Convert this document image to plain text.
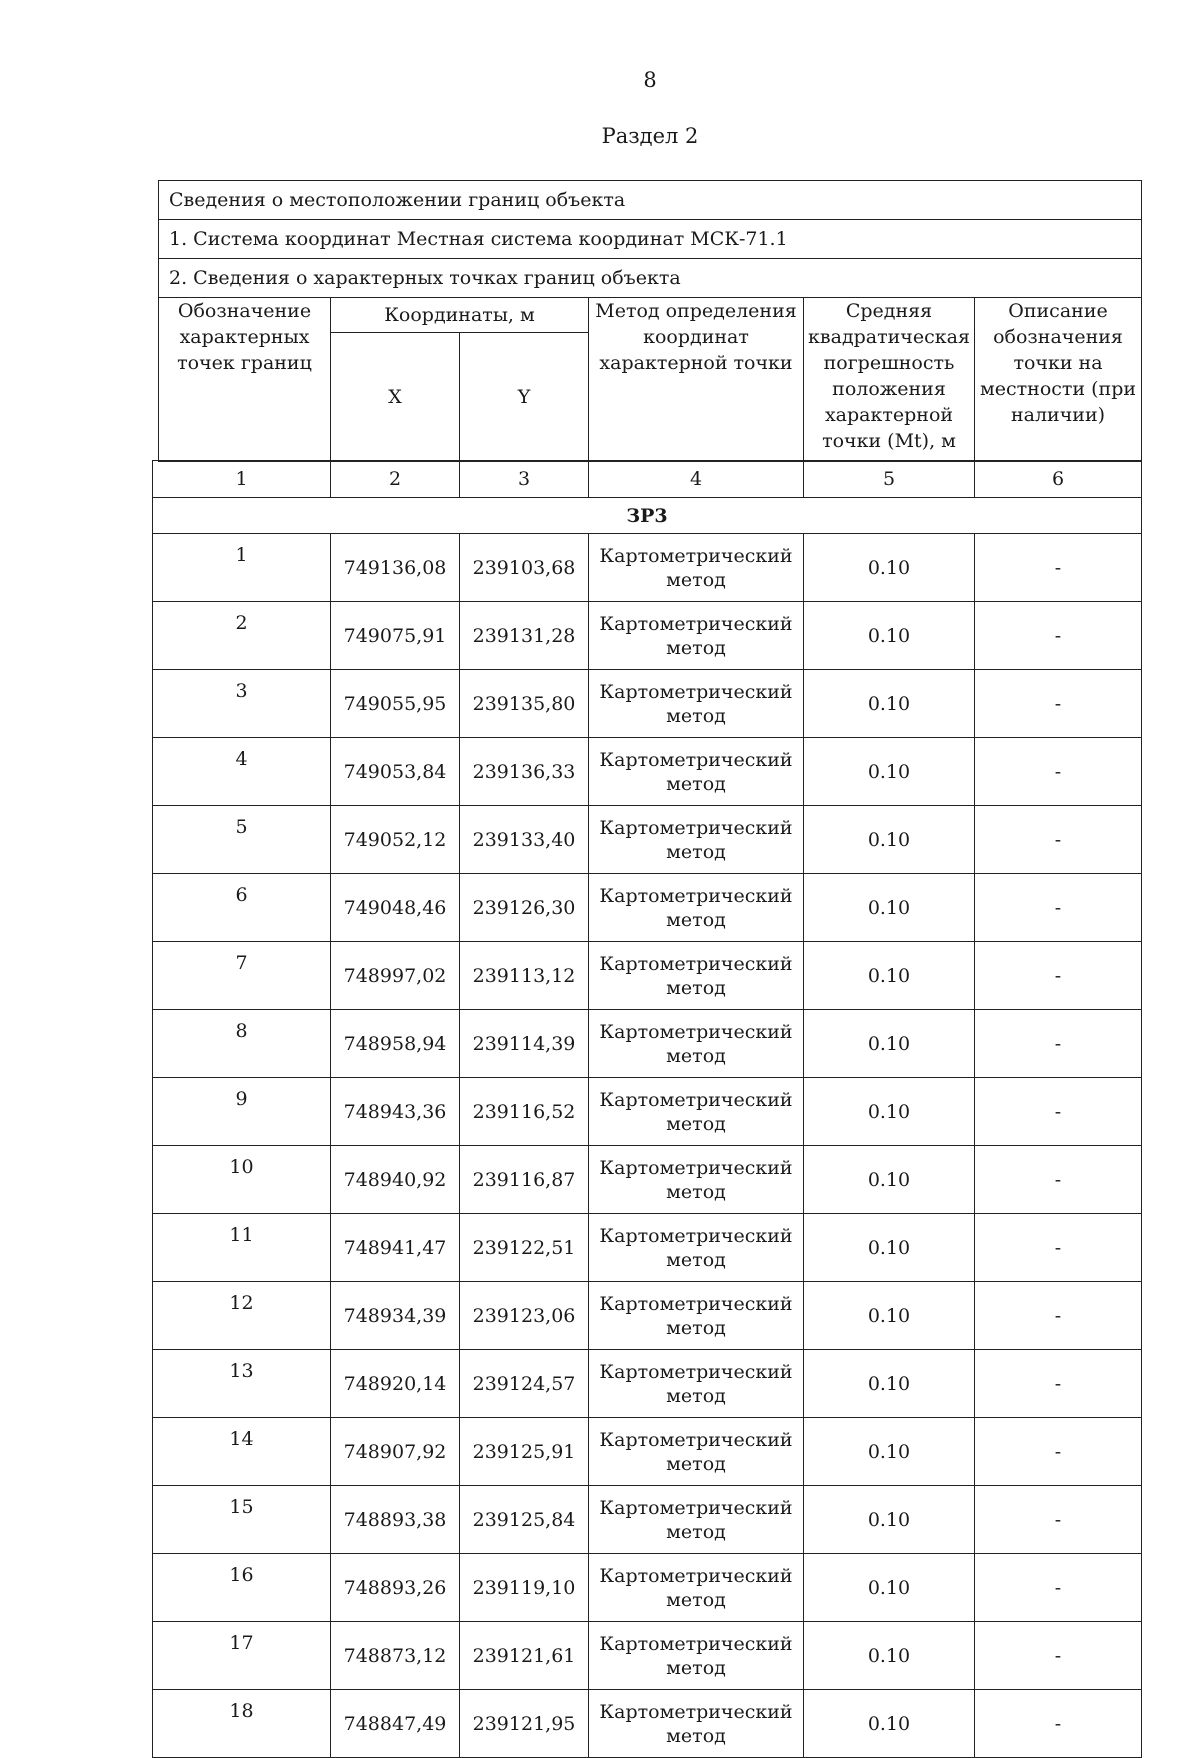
8
Раздел 2
Сведения о местоположении границ объекта					
1. Система координат Местная система координат МСК-71.1					
2. Сведения о характерных точках границ объекта					
Обозначение характерных точек границ	Координаты, м		Метод определения координат характерной точки	Средняя квадратическая погрешность положения характерной точки (Mt), м	Описание обозначения точки на местности (при наличии)
	X	Y			
1	2	3	4	5	6
ЗР3					
1	749136,08	239103,68	Картометрический метод	0.10	-
2	749075,91	239131,28	Картометрический метод	0.10	-
3	749055,95	239135,80	Картометрический метод	0.10	-
4	749053,84	239136,33	Картометрический метод	0.10	-
5	749052,12	239133,40	Картометрический метод	0.10	-
6	749048,46	239126,30	Картометрический метод	0.10	-
7	748997,02	239113,12	Картометрический метод	0.10	-
8	748958,94	239114,39	Картометрический метод	0.10	-
9	748943,36	239116,52	Картометрический метод	0.10	-
10	748940,92	239116,87	Картометрический метод	0.10	-
11	748941,47	239122,51	Картометрический метод	0.10	-
12	748934,39	239123,06	Картометрический метод	0.10	-
13	748920,14	239124,57	Картометрический метод	0.10	-
14	748907,92	239125,91	Картометрический метод	0.10	-
15	748893,38	239125,84	Картометрический метод	0.10	-
16	748893,26	239119,10	Картометрический метод	0.10	-
17	748873,12	239121,61	Картометрический метод	0.10	-
18	748847,49	239121,95	Картометрический метод	0.10	-
